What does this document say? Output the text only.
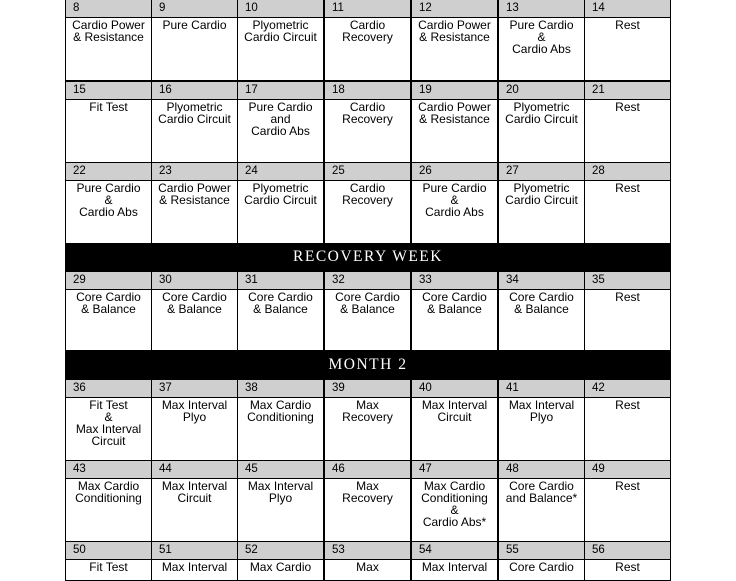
RECOVERY WEEK
MONTH 2
8
Cardio Power
& Resistance
9
Pure Cardio
10
Plyometric
Cardio Circuit
11
Cardio
Recovery
12
Cardio Power
& Resistance
13
Pure Cardio
&
Cardio Abs
14
Rest
15
Fit Test
16
Plyometric
Cardio Circuit
17
Pure Cardio
and
Cardio Abs
18
Cardio
Recovery
19
Cardio Power
& Resistance
20
Plyometric
Cardio Circuit
21
Rest
22
Pure Cardio
&
Cardio Abs
23
Cardio Power
& Resistance
24
Plyometric
Cardio Circuit
25
Cardio
Recovery
26
Pure Cardio
&
Cardio Abs
27
Plyometric
Cardio Circuit
28
Rest
29
Core Cardio
& Balance
30
Core Cardio
& Balance
31
Core Cardio
& Balance
32
Core Cardio
& Balance
33
Core Cardio
& Balance
34
Core Cardio
& Balance
35
Rest
36
Fit Test
&
Max Interval
Circuit
37
Max Interval
Plyo
38
Max Cardio
Conditioning
39
Max
Recovery
40
Max Interval
Circuit
41
Max Interval
Plyo
42
Rest
43
Max Cardio
Conditioning
44
Max Interval
Circuit
45
Max Interval
Plyo
46
Max
Recovery
47
Max Cardio
Conditioning
&
Cardio Abs*
48
Core Cardio
and Balance*
49
Rest
50
Fit Test
51
Max Interval
52
Max Cardio
53
Max
54
Max Interval
55
Core Cardio
56
Rest
